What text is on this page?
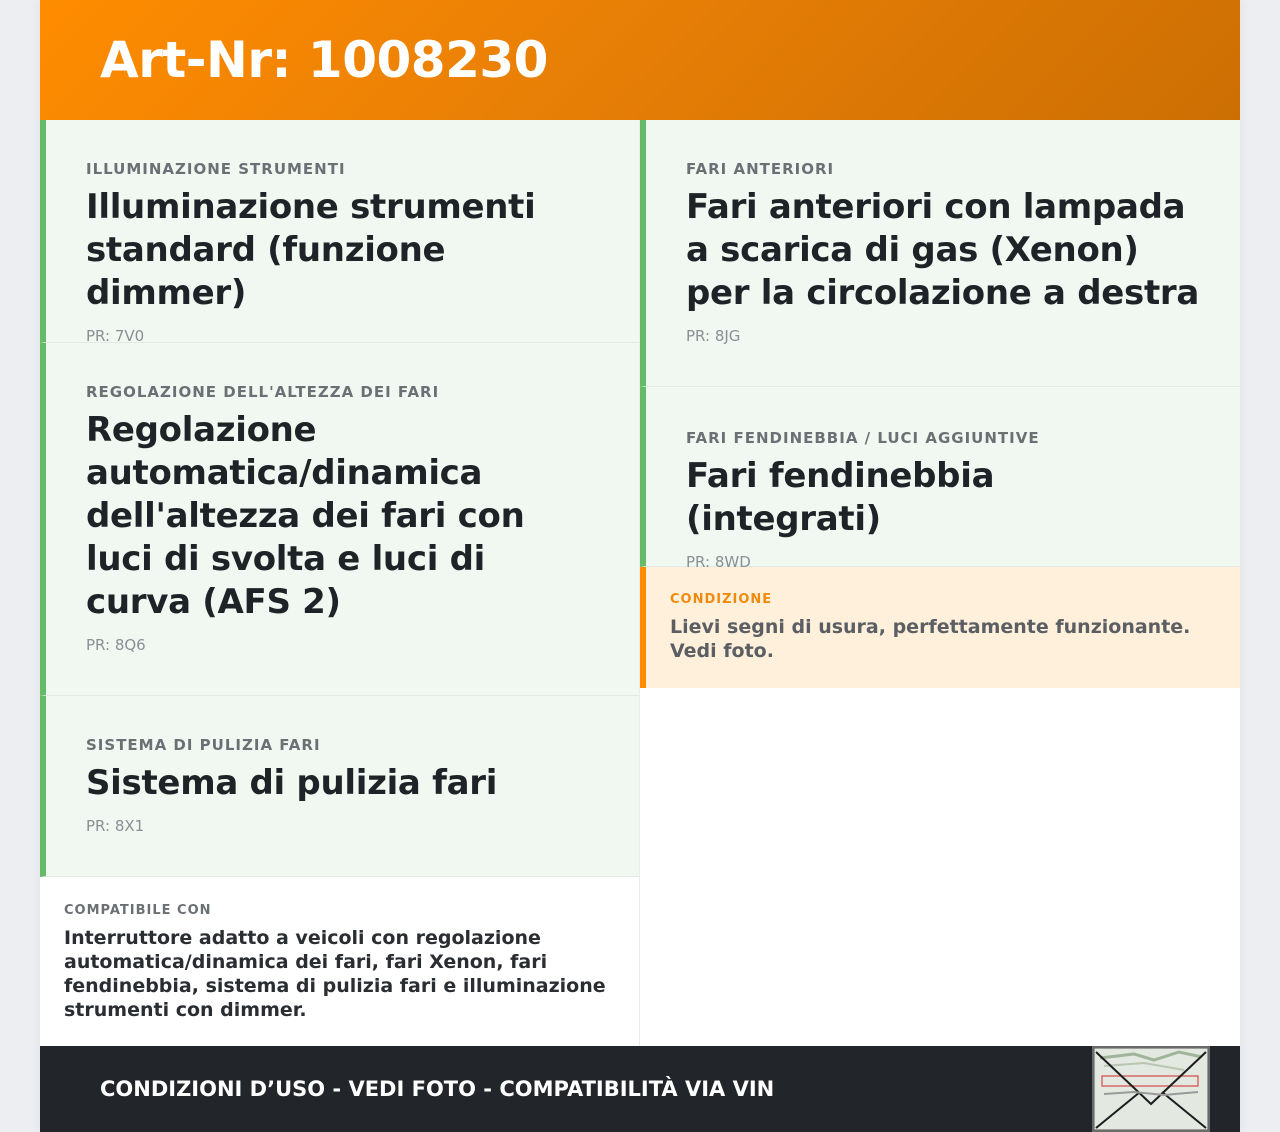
Art-Nr: 1008230
ILLUMINAZIONE STRUMENTI
Illuminazione strumenti standard (funzione dimmer)
PR: 7V0
REGOLAZIONE DELL'ALTEZZA DEI FARI
Regolazione automatica/dinamica dell'altezza dei fari con luci di svolta e luci di curva (AFS 2)
PR: 8Q6
SISTEMA DI PULIZIA FARI
Sistema di pulizia fari
PR: 8X1
COMPATIBILE CON
Interruttore adatto a veicoli con regolazione automatica/dinamica dei fari, fari Xenon, fari fendinebbia, sistema di pulizia fari e illuminazione strumenti con dimmer.
FARI ANTERIORI
Fari anteriori con lampada a scarica di gas (Xenon) per la circolazione a destra
PR: 8JG
FARI FENDINEBBIA / LUCI AGGIUNTIVE
Fari fendinebbia (integrati)
PR: 8WD
CONDIZIONE
Lievi segni di usura, perfettamente funzionante. Vedi foto.
CONDIZIONI D’USO - VEDI FOTO - COMPATIBILITÀ VIA VIN
